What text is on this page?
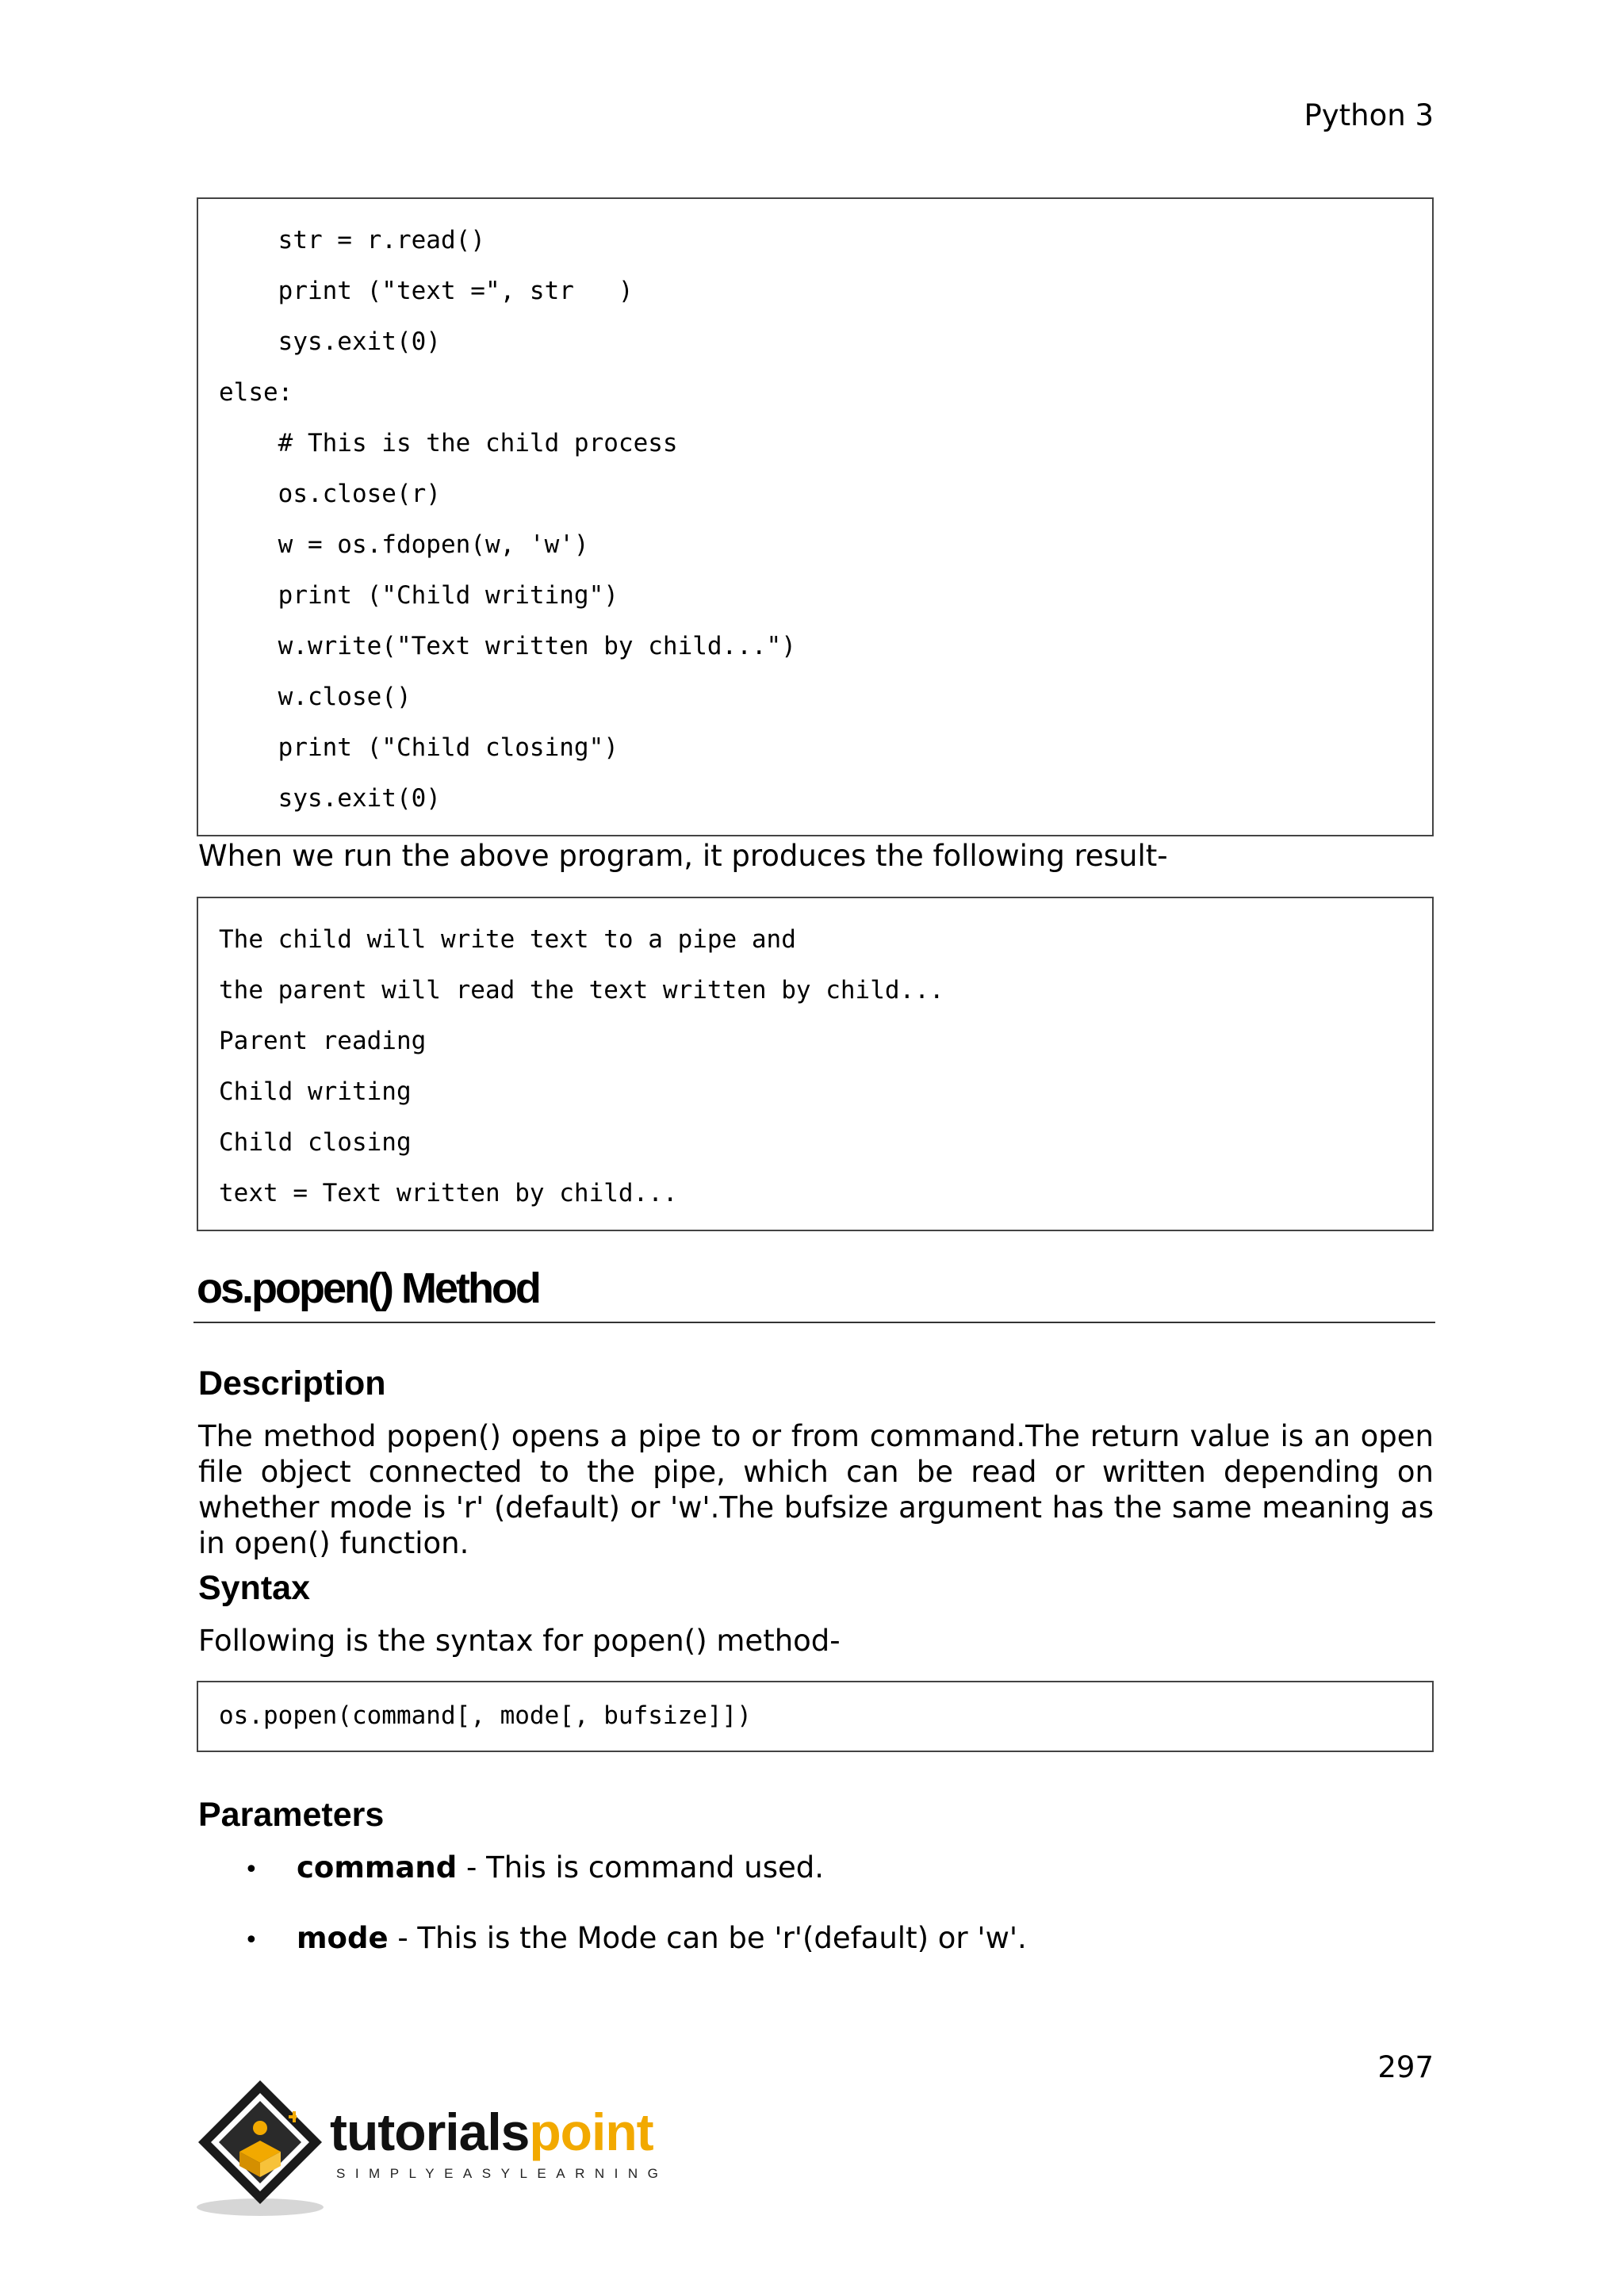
Python 3
str = r.read()
print ("text =", str   )
sys.exit(0)
else:
# This is the child process
os.close(r)
w = os.fdopen(w, 'w')
print ("Child writing")
w.write("Text written by child...")
w.close()
print ("Child closing")
sys.exit(0)
When we run the above program, it produces the following result-
The child will write text to a pipe and
the parent will read the text written by child...
Parent reading
Child writing
Child closing
text = Text written by child...
os.popen() Method
Description
The method popen() opens a pipe to or from command.The return value is an open file object connected to the pipe, which can be read or written depending on whether mode is 'r' (default) or 'w'.The bufsize argument has the same meaning as in open() function.
Syntax
Following is the syntax for popen() method-
os.popen(command[, mode[, bufsize]])
Parameters
• command - This is command used.
• mode - This is the Mode can be 'r'(default) or 'w'.
297
tutorialspoint
SIMPLYEASYLEARNING
